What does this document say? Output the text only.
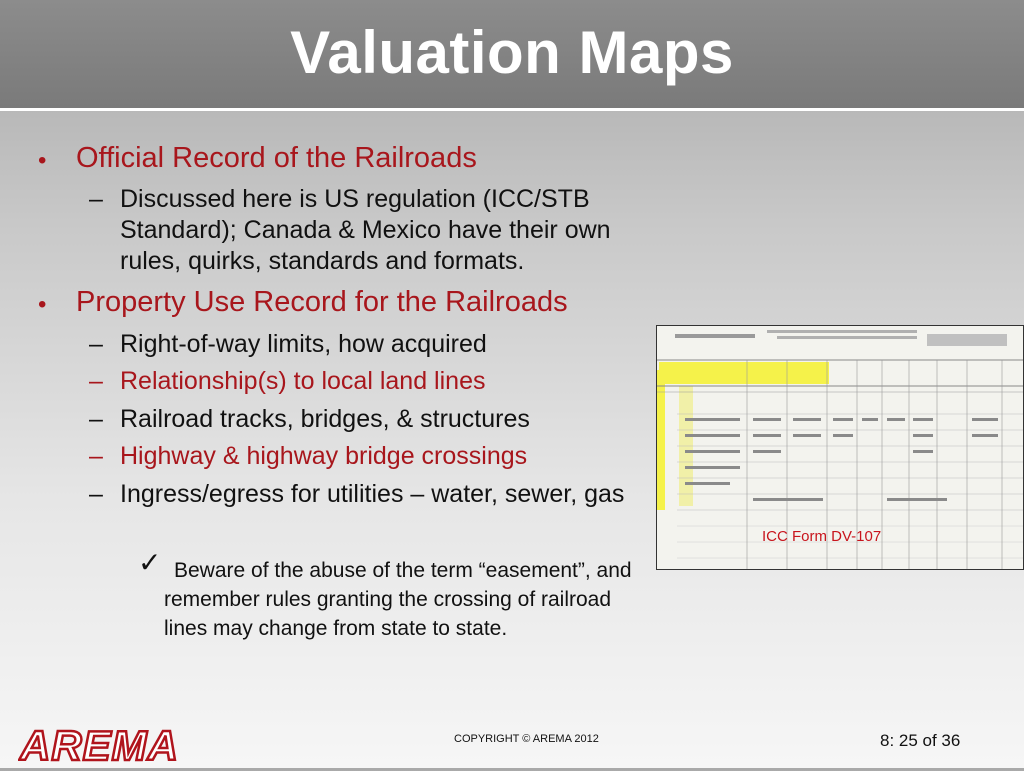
Valuation Maps
• Official Record of the Railroads
– Discussed here is US regulation (ICC/STB Standard); Canada & Mexico have their own rules, quirks, standards and formats.
• Property Use Record for the Railroads
– Right-of-way limits, how acquired
– Relationship(s) to local land lines
– Railroad tracks, bridges, & structures
– Highway & highway bridge crossings
– Ingress/egress for utilities – water, sewer, gas
✓ Beware of the abuse of the term “easement”, and remember rules granting the crossing of railroad lines may change from state to state.
ICC Form DV-107
AREMA	COPYRIGHT © AREMA 2012	8: 25 of 36
